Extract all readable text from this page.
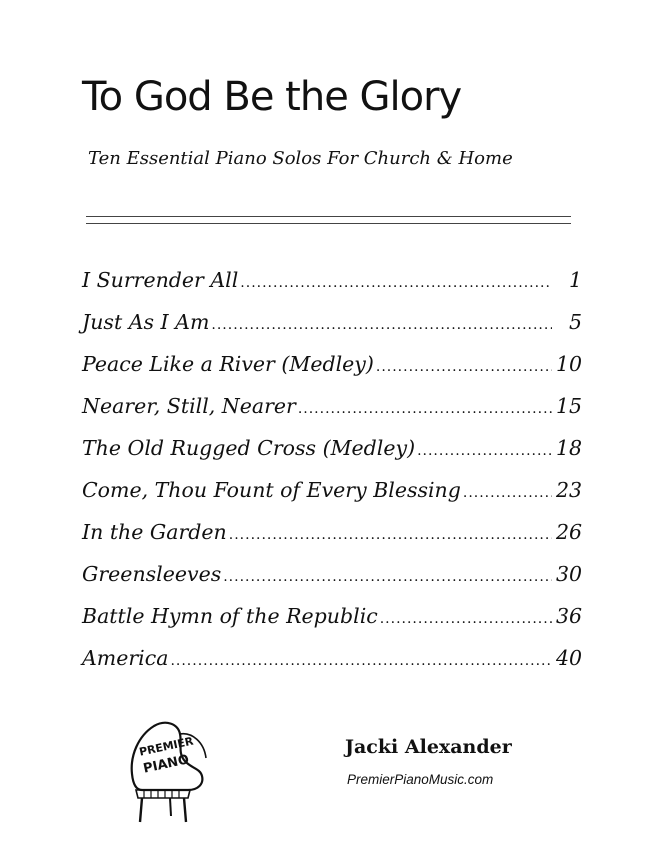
To God Be the Glory
Ten Essential Piano Solos For Church & Home
I Surrender All .....	1
Just As I Am .....	5
Peace Like a River (Medley) .....	10
Nearer, Still, Nearer .....	15
The Old Rugged Cross (Medley) .....	18
Come, Thou Fount of Every Blessing .....	23
In the Garden .....	26
Greensleeves .....	30
Battle Hymn of the Republic .....	36
America .....	40
PREMIER
PIANO
Jacki Alexander
PremierPianoMusic.com
